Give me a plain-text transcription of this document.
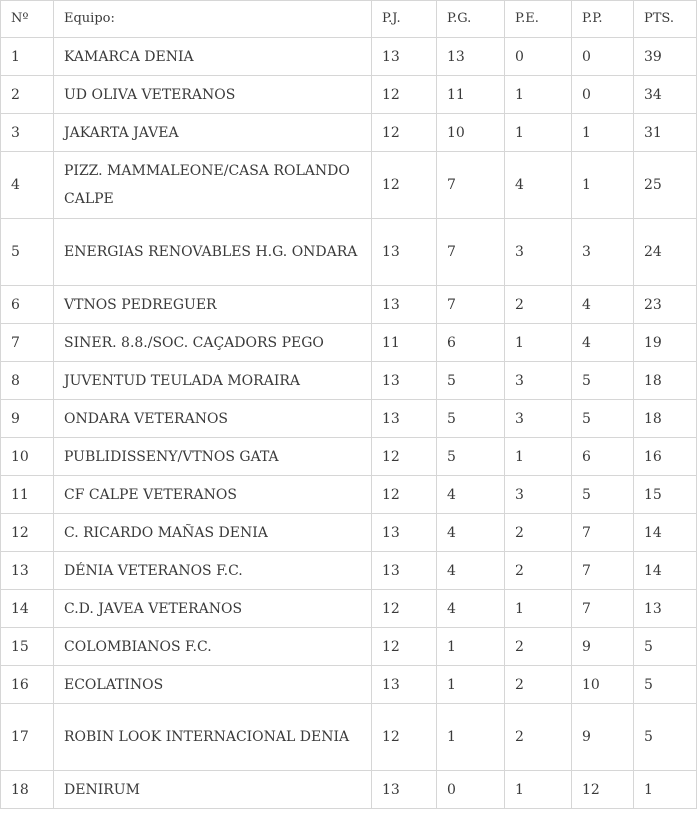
Nº	Equipo:	P.J.	P.G.	P.E.	P.P.	PTS.
1	KAMARCA DENIA	13	13	0	0	39
2	UD OLIVA VETERANOS	12	11	1	0	34
3	JAKARTA JAVEA	12	10	1	1	31
4	PIZZ. MAMMALEONE/CASA ROLANDO CALPE	12	7	4	1	25
5	ENERGIAS RENOVABLES H.G. ONDARA	13	7	3	3	24
6	VTNOS PEDREGUER	13	7	2	4	23
7	SINER. 8.8./SOC. CAÇADORS PEGO	11	6	1	4	19
8	JUVENTUD TEULADA MORAIRA	13	5	3	5	18
9	ONDARA VETERANOS	13	5	3	5	18
10	PUBLIDISSENY/VTNOS GATA	12	5	1	6	16
11	CF CALPE VETERANOS	12	4	3	5	15
12	C. RICARDO MAÑAS DENIA	13	4	2	7	14
13	DÉNIA VETERANOS F.C.	13	4	2	7	14
14	C.D. JAVEA VETERANOS	12	4	1	7	13
15	COLOMBIANOS F.C.	12	1	2	9	5
16	ECOLATINOS	13	1	2	10	5
17	ROBIN LOOK INTERNACIONAL DENIA	12	1	2	9	5
18	DENIRUM	13	0	1	12	1
